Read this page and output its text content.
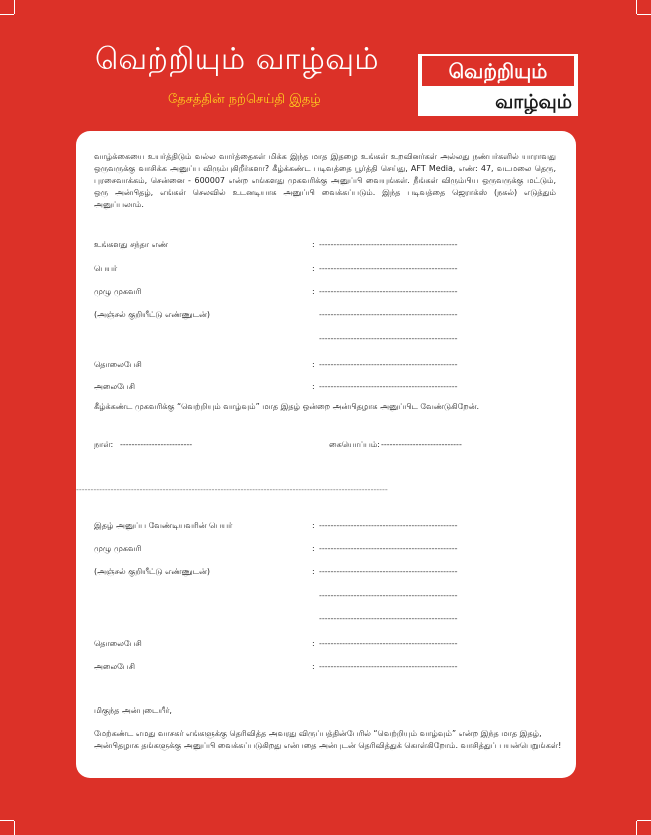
வெற்றியும் வாழ்வும்
தேசத்தின் நற்செய்தி இதழ்
வெற்றியும்
வாழ்வும்
வாழ்க்கையை உயர்த்திடும் வல்ல வார்த்தைகள் மிக்க இந்த மாத இதழை உங்கள் உறவினர்கள் அல்லது நண்பர்களில் யாராவது ஒருவருக்கு வாசிக்க அனுப்ப விரும்புகிறீர்களா? கீழ்க்கண்ட படிவத்தை பூர்த்தி செய்து, AFT Media, எண்: 47, வடமலை தெரு, புரசைவாக்கம், சென்னை - 600007 என்ற எங்களது முகவரிக்கு அனுப்பி வையுங்கள். நீங்கள் விரும்பிய ஒருவருக்கு மட்டும், ஒரு அன்பிதழ், எங்கள் செலவில் உடனடியாக அனுப்பி வைக்கப்படும். இந்த படிவத்தை ஜெராக்ஸ் (நகல்) எடுத்தும் அனுப்பலாம்.
உங்களது சந்தா எண்	: ------------------------------------------------
பெயர்	: ------------------------------------------------
முழு முகவரி	: ------------------------------------------------
(அஞ்சல் குறியீட்டு எண்ணுடன்)	------------------------------------------------
------------------------------------------------
தொலைபேசி	: ------------------------------------------------
அலைபேசி	: ------------------------------------------------
கீழ்க்கண்ட முகவரிக்கு “வெற்றியும் வாழ்வும்” மாத இதழ் ஒன்றை அன்பிதழாக அனுப்பிட வேண்டுகிறேன்.
நாள்: -------------------------	கையொப்பம்: ----------------------------
------------------------------------------------------------------------------------------------------------
இதழ் அனுப்ப வேண்டியவரின் பெயர்	: ------------------------------------------------
முழு முகவரி	: ------------------------------------------------
(அஞ்சல் குறியீட்டு எண்ணுடன்)	: ------------------------------------------------
------------------------------------------------
------------------------------------------------
தொலைபேசி	: ------------------------------------------------
அலைபேசி	: ------------------------------------------------
மிகுந்த அன்புடையீர்,
மேற்கண்ட எமது வாசகர் எங்களுக்கு தெரிவித்த அவரது விருப்பத்தின்பேரில் “வெற்றியும் வாழ்வும்” என்ற இந்த மாத இதழ், அன்பிதழாக தங்களுக்கு அனுப்பி வைக்கப்படுகிறது என்பதை அன்புடன் தெரிவித்துக் கொள்கிறோம். வாசித்துப் பயன்பெறுங்கள்!
